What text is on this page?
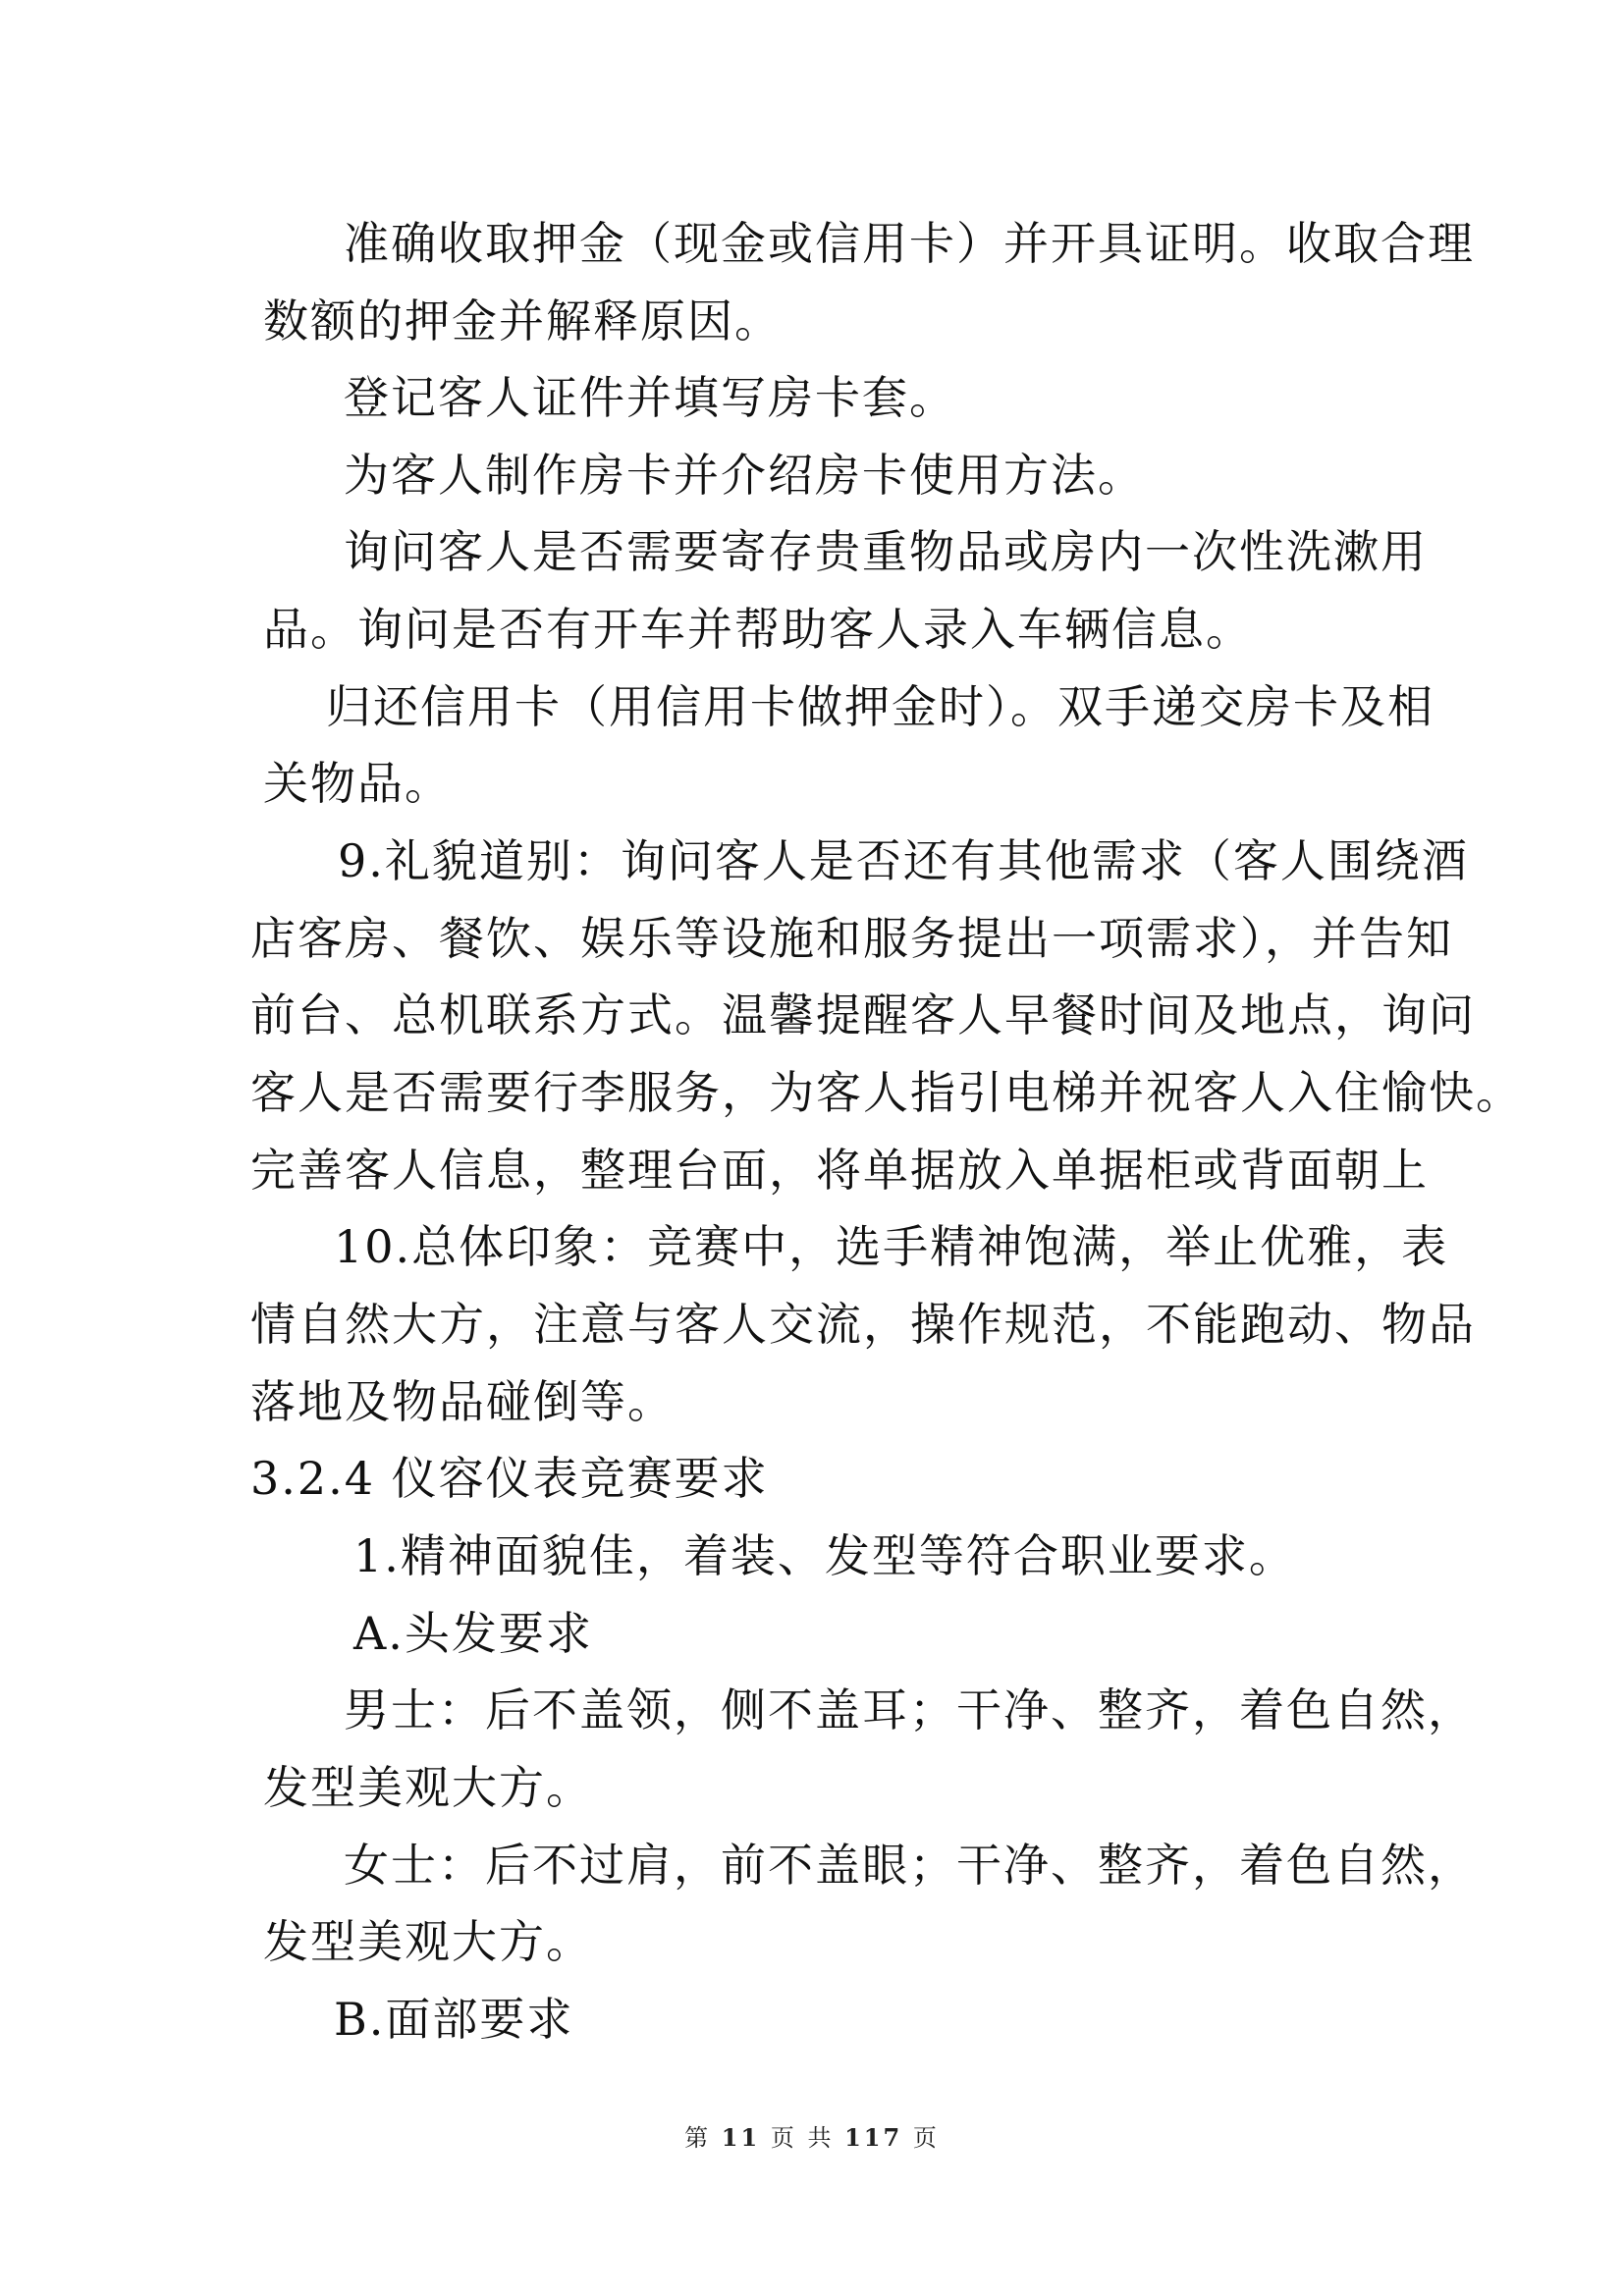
准确收取押金（现金或信用卡）并开具证明。收取合理
数额的押金并解释原因。
登记客人证件并填写房卡套。
为客人制作房卡并介绍房卡使用方法。
询问客人是否需要寄存贵重物品或房内一次性洗漱用
品。询问是否有开车并帮助客人录入车辆信息。
归还信用卡（用信用卡做押金时）。双手递交房卡及相
关物品。
9.礼貌道别：询问客人是否还有其他需求（客人围绕酒
店客房、餐饮、娱乐等设施和服务提出一项需求），并告知
前台、总机联系方式。温馨提醒客人早餐时间及地点，询问
客人是否需要行李服务，为客人指引电梯并祝客人入住愉快。
完善客人信息，整理台面，将单据放入单据柜或背面朝上
10.总体印象：竞赛中，选手精神饱满，举止优雅，表
情自然大方，注意与客人交流，操作规范，不能跑动、物品
落地及物品碰倒等。
3.2.4 仪容仪表竞赛要求
1.精神面貌佳，着装、发型等符合职业要求。
A.头发要求
男士：后不盖领，侧不盖耳；干净、整齐，着色自然，
发型美观大方。
女士：后不过肩，前不盖眼；干净、整齐，着色自然，
发型美观大方。
B.面部要求
第 11 页 共 117 页
